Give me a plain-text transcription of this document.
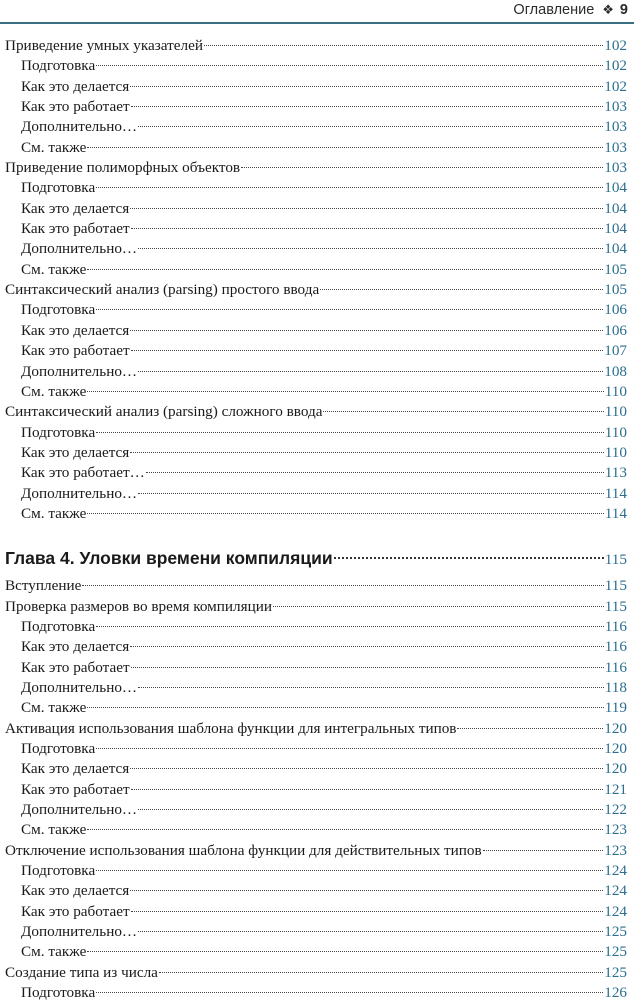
Оглавление ❖ 9
Приведение умных указателей	102
Подготовка	102
Как это делается	102
Как это работает	103
Дополнительно…	103
См. также	103
Приведение полиморфных объектов	103
Подготовка	104
Как это делается	104
Как это работает	104
Дополнительно…	104
См. также	105
Синтаксический анализ (parsing) простого ввода	105
Подготовка	106
Как это делается	106
Как это работает	107
Дополнительно…	108
См. также	110
Синтаксический анализ (parsing) сложного ввода	110
Подготовка	110
Как это делается	110
Как это работает…	113
Дополнительно…	114
См. также	114
Глава 4. Уловки времени компиляции	115
Вступление	115
Проверка размеров во время компиляции	115
Подготовка	116
Как это делается	116
Как это работает	116
Дополнительно…	118
См. также	119
Активация использования шаблона функции для интегральных типов	120
Подготовка	120
Как это делается	120
Как это работает	121
Дополнительно…	122
См. также	123
Отключение использования шаблона функции для действительных типов	123
Подготовка	124
Как это делается	124
Как это работает	124
Дополнительно…	125
См. также	125
Создание типа из числа	125
Подготовка	126
